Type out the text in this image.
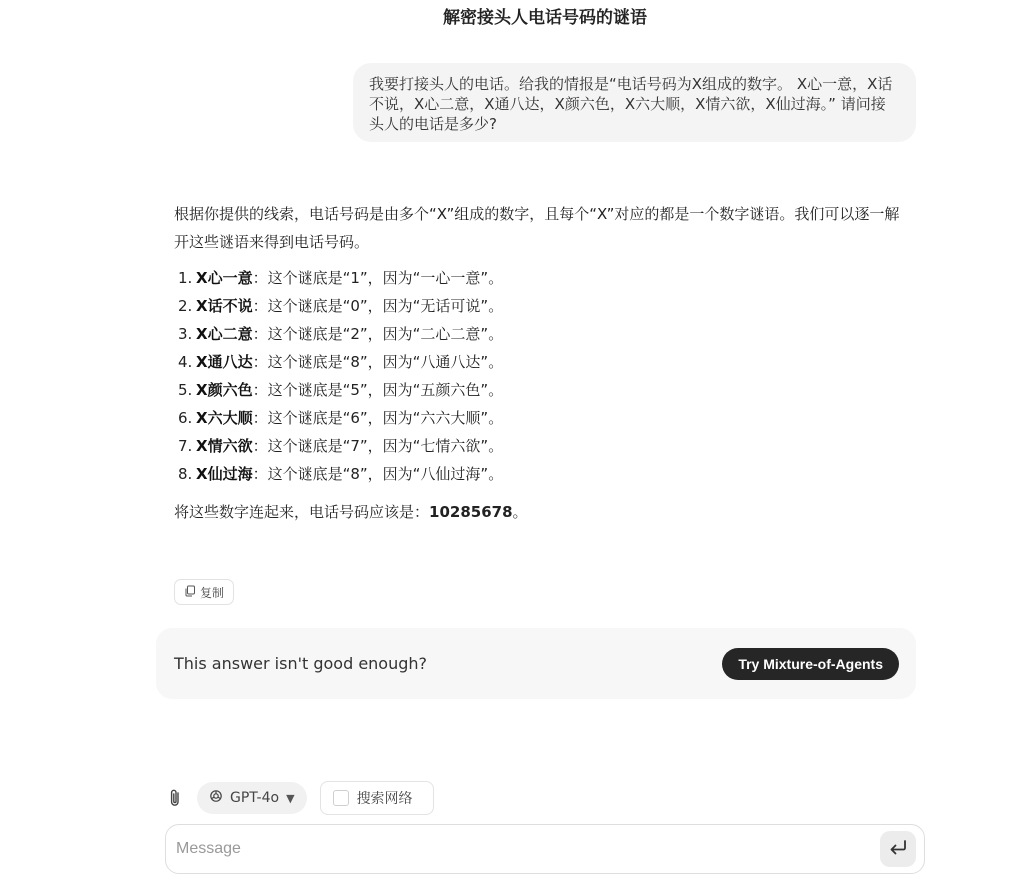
解密接头人电话号码的谜语
我要打接头人的电话。给我的情报是“电话号码为X组成的数字。 X心一意，X话不说，X心二意，X通八达，X颜六色，X六大顺，X情六欲，X仙过海。” 请问接头人的电话是多少?

根据你提供的线索，电话号码是由多个“X”组成的数字，且每个“X”对应的都是一个数字谜语。我们可以逐一解开这些谜语来得到电话号码。

1. X心一意：这个谜底是“1”，因为“一心一意”。
2. X话不说：这个谜底是“0”，因为“无话可说”。
3. X心二意：这个谜底是“2”，因为“二心二意”。
4. X通八达：这个谜底是“8”，因为“八通八达”。
5. X颜六色：这个谜底是“5”，因为“五颜六色”。
6. X六大顺：这个谜底是“6”，因为“六六大顺”。
7. X情六欲：这个谜底是“7”，因为“七情六欲”。
8. X仙过海：这个谜底是“8”，因为“八仙过海”。

将这些数字连起来，电话号码应该是：10285678。

复制
This answer isn't good enough?	Try Mixture-of-Agents
GPT-4o ▼	搜索网络
Message
